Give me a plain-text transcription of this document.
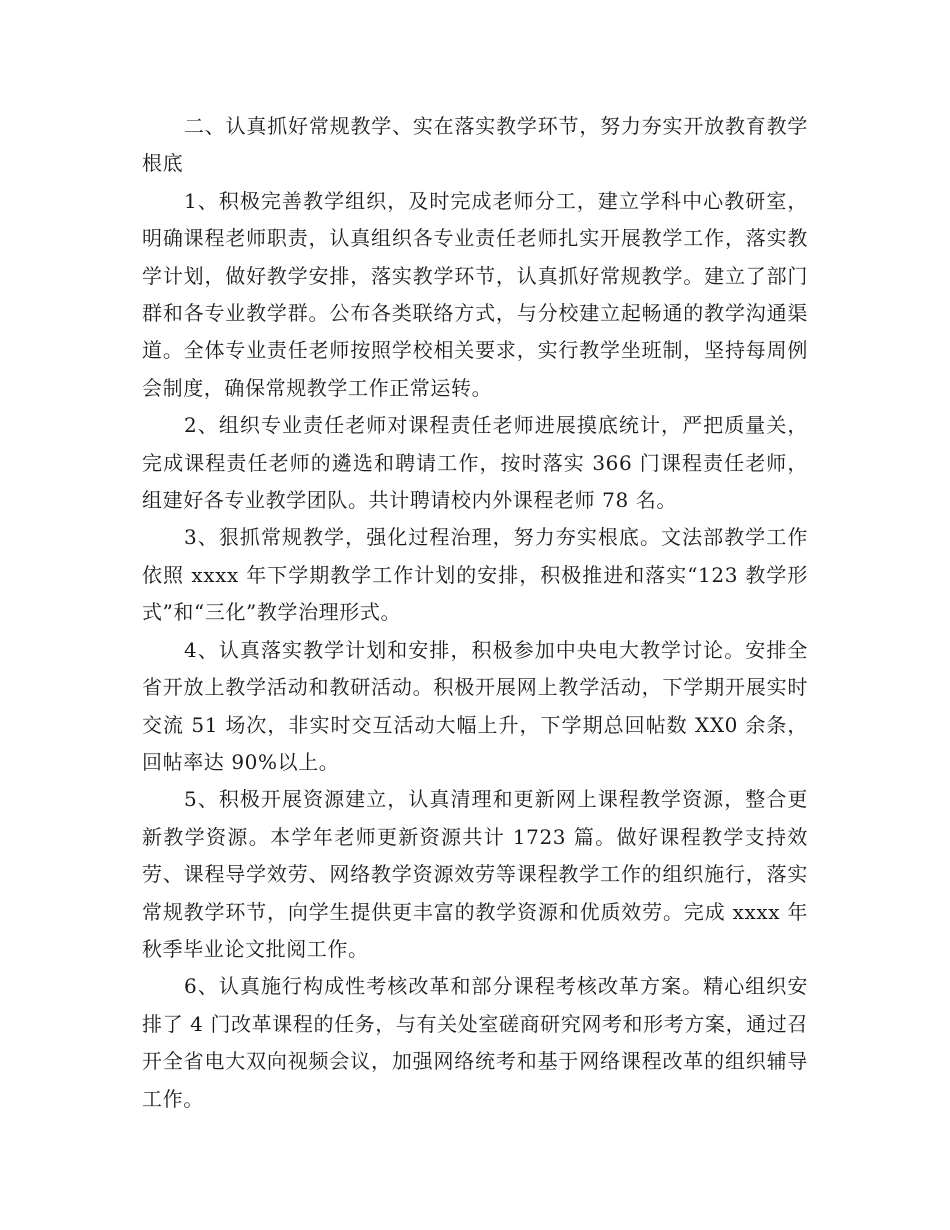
二、认真抓好常规教学、实在落实教学环节，努力夯实开放教育教学根底

1、积极完善教学组织，及时完成老师分工，建立学科中心教研室，明确课程老师职责，认真组织各专业责任老师扎实开展教学工作，落实教学计划，做好教学安排，落实教学环节，认真抓好常规教学。建立了部门群和各专业教学群。公布各类联络方式，与分校建立起畅通的教学沟通渠道。全体专业责任老师按照学校相关要求，实行教学坐班制，坚持每周例会制度，确保常规教学工作正常运转。

2、组织专业责任老师对课程责任老师进展摸底统计，严把质量关，完成课程责任老师的遴选和聘请工作，按时落实 366 门课程责任老师，组建好各专业教学团队。共计聘请校内外课程老师 78 名。

3、狠抓常规教学，强化过程治理，努力夯实根底。文法部教学工作依照 xxxx 年下学期教学工作计划的安排，积极推进和落实“123 教学形式”和“三化”教学治理形式。

4、认真落实教学计划和安排，积极参加中央电大教学讨论。安排全省开放上教学活动和教研活动。积极开展网上教学活动，下学期开展实时交流 51 场次，非实时交互活动大幅上升，下学期总回帖数 XX0 余条，回帖率达 90%以上。

5、积极开展资源建立，认真清理和更新网上课程教学资源，整合更新教学资源。本学年老师更新资源共计 1723 篇。做好课程教学支持效劳、课程导学效劳、网络教学资源效劳等课程教学工作的组织施行，落实常规教学环节，向学生提供更丰富的教学资源和优质效劳。完成 xxxx 年秋季毕业论文批阅工作。

6、认真施行构成性考核改革和部分课程考核改革方案。精心组织安排了 4 门改革课程的任务，与有关处室磋商研究网考和形考方案，通过召开全省电大双向视频会议，加强网络统考和基于网络课程改革的组织辅导工作。
